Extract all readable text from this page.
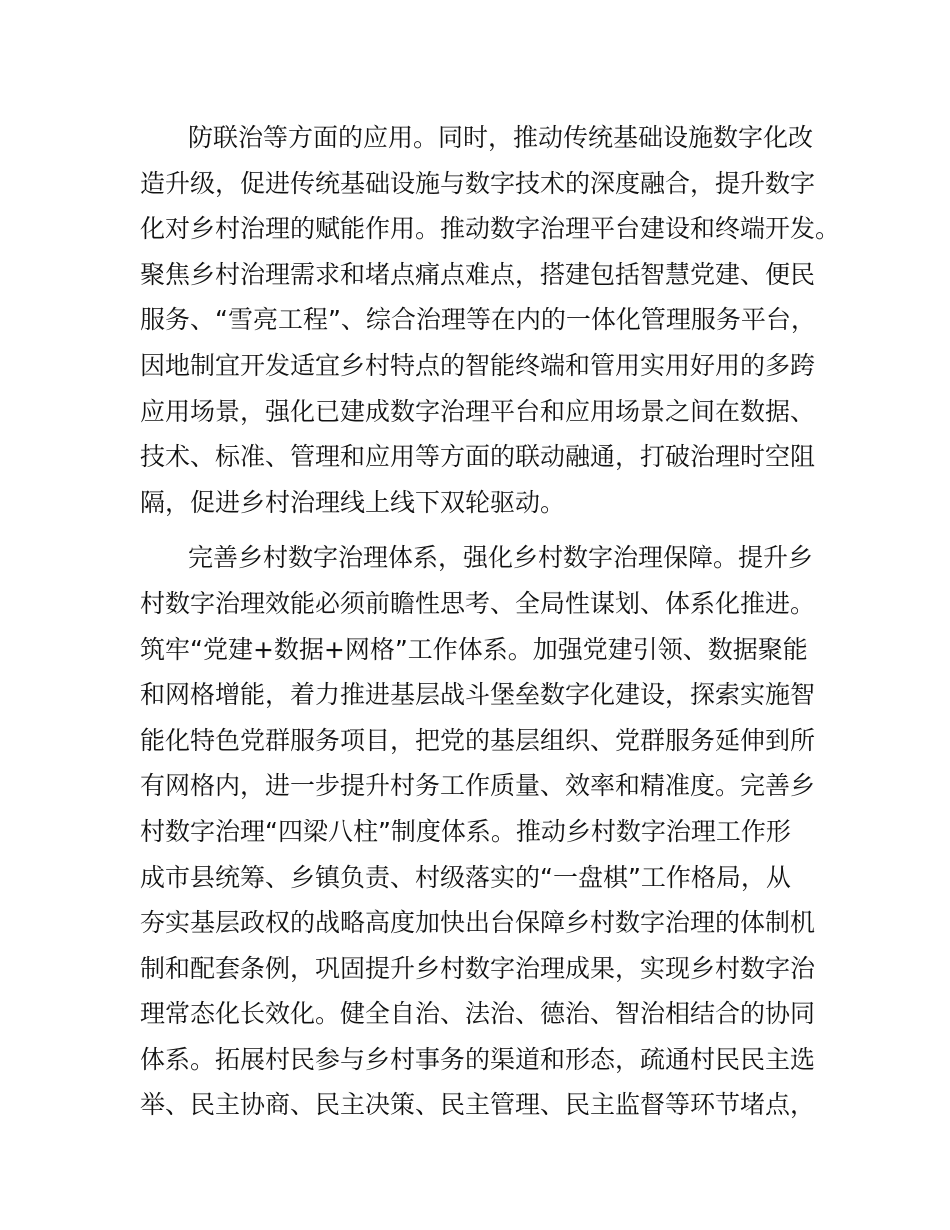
防联治等方面的应用。同时，推动传统基础设施数字化改
造升级，促进传统基础设施与数字技术的深度融合，提升数字
化对乡村治理的赋能作用。推动数字治理平台建设和终端开发。
聚焦乡村治理需求和堵点痛点难点，搭建包括智慧党建、便民
服务、“雪亮工程”、综合治理等在内的一体化管理服务平台，
因地制宜开发适宜乡村特点的智能终端和管用实用好用的多跨
应用场景，强化已建成数字治理平台和应用场景之间在数据、
技术、标准、管理和应用等方面的联动融通，打破治理时空阻
隔，促进乡村治理线上线下双轮驱动。
完善乡村数字治理体系，强化乡村数字治理保障。提升乡
村数字治理效能必须前瞻性思考、全局性谋划、体系化推进。
筑牢“党建+数据+网格”工作体系。加强党建引领、数据聚能
和网格增能，着力推进基层战斗堡垒数字化建设，探索实施智
能化特色党群服务项目，把党的基层组织、党群服务延伸到所
有网格内，进一步提升村务工作质量、效率和精准度。完善乡
村数字治理“四梁八柱”制度体系。推动乡村数字治理工作形
成市县统筹、乡镇负责、村级落实的“一盘棋”工作格局，从
夯实基层政权的战略高度加快出台保障乡村数字治理的体制机
制和配套条例，巩固提升乡村数字治理成果，实现乡村数字治
理常态化长效化。健全自治、法治、德治、智治相结合的协同
体系。拓展村民参与乡村事务的渠道和形态，疏通村民民主选
举、民主协商、民主决策、民主管理、民主监督等环节堵点，
